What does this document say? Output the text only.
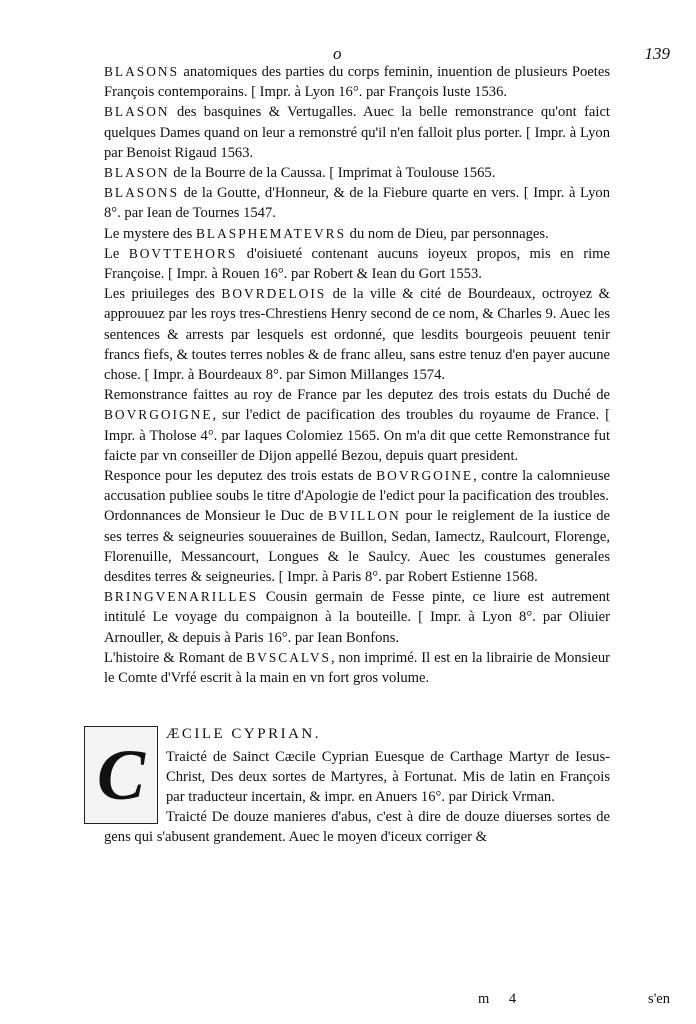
o	139

BLASONS anatomiques des parties du corps feminin, inuention de plusieurs Poetes François contemporains. [ Impr. à Lyon 16°. par François Iuste 1536.

BLASON des basquines & Vertugalles. Auec la belle remonstrance qu'ont faict quelques Dames quand on leur a remonstré qu'il n'en falloit plus porter. [ Impr. à Lyon par Benoist Rigaud 1563.

BLASON de la Bourre de la Caussa. [ Imprimat à Toulouse 1565.

BLASONS de la Goutte, d'Honneur, & de la Fiebure quarte en vers. [ Impr. à Lyon 8°. par Iean de Tournes 1547.

Le mystere des BLASPHEMATEVRS du nom de Dieu, par personnages.

Le BOVTTEHORS d'oisiueté contenant aucuns ioyeux propos, mis en rime Françoise. [ Impr. à Rouen 16°. par Robert & Iean du Gort 1553.

Les priuileges des BOVRDELOIS de la ville & cité de Bourdeaux, octroyez & approuuez par les roys tres-Chrestiens Henry second de ce nom, & Charles 9. Auec les sentences & arrests par lesquels est ordonné, que lesdits bourgeois peuuent tenir francs fiefs, & toutes terres nobles & de franc alleu, sans estre tenuz d'en payer aucune chose. [ Impr. à Bourdeaux 8°. par Simon Millanges 1574.

Remonstrance faittes au roy de France par les deputez des trois estats du Duché de BOVRGOIGNE, sur l'edict de pacification des troubles du royaume de France. [ Impr. à Tholose 4°. par Iaques Colomiez 1565. On m'a dit que cette Remonstrance fut faicte par vn conseiller de Dijon appellé Bezou, depuis quart president.

Responce pour les deputez des trois estats de BOVRGOINE, contre la calomnieuse accusation publiee soubs le titre d'Apologie de l'edict pour la pacification des troubles.

Ordonnances de Monsieur le Duc de BVILLON pour le reiglement de la iustice de ses terres & seigneuries souueraines de Buillon, Sedan, Iamectz, Raulcourt, Florenge, Florenuille, Messancourt, Longues & le Saulcy. Auec les coustumes generales desdites terres & seigneuries. [ Impr. à Paris 8°. par Robert Estienne 1568.

BRINGVENARILLES Cousin germain de Fesse pinte, ce liure est autrement intitulé Le voyage du compaignon à la bouteille. [ Impr. à Lyon 8°. par Oliuier Arnouller, & depuis à Paris 16°. par Iean Bonfons.

L'histoire & Romant de BVSCALVS, non imprimé. Il est en la librairie de Monsieur le Comte d'Vrfé escrit à la main en vn fort gros volume.

C

ÆCILE CYPRIAN.

Traicté de Sainct Cæcile Cyprian Euesque de Carthage Martyr de Iesus-Christ, Des deux sortes de Martyres, à Fortunat. Mis de latin en François par traducteur incertain, & impr. en Anuers 16°. par Dirick Vrman.

Traicté De douze manieres d'abus, c'est à dire de douze diuerses sortes de gens qui s'abusent grandement. Auec le moyen d'iceux corriger &

m 4	s'en
